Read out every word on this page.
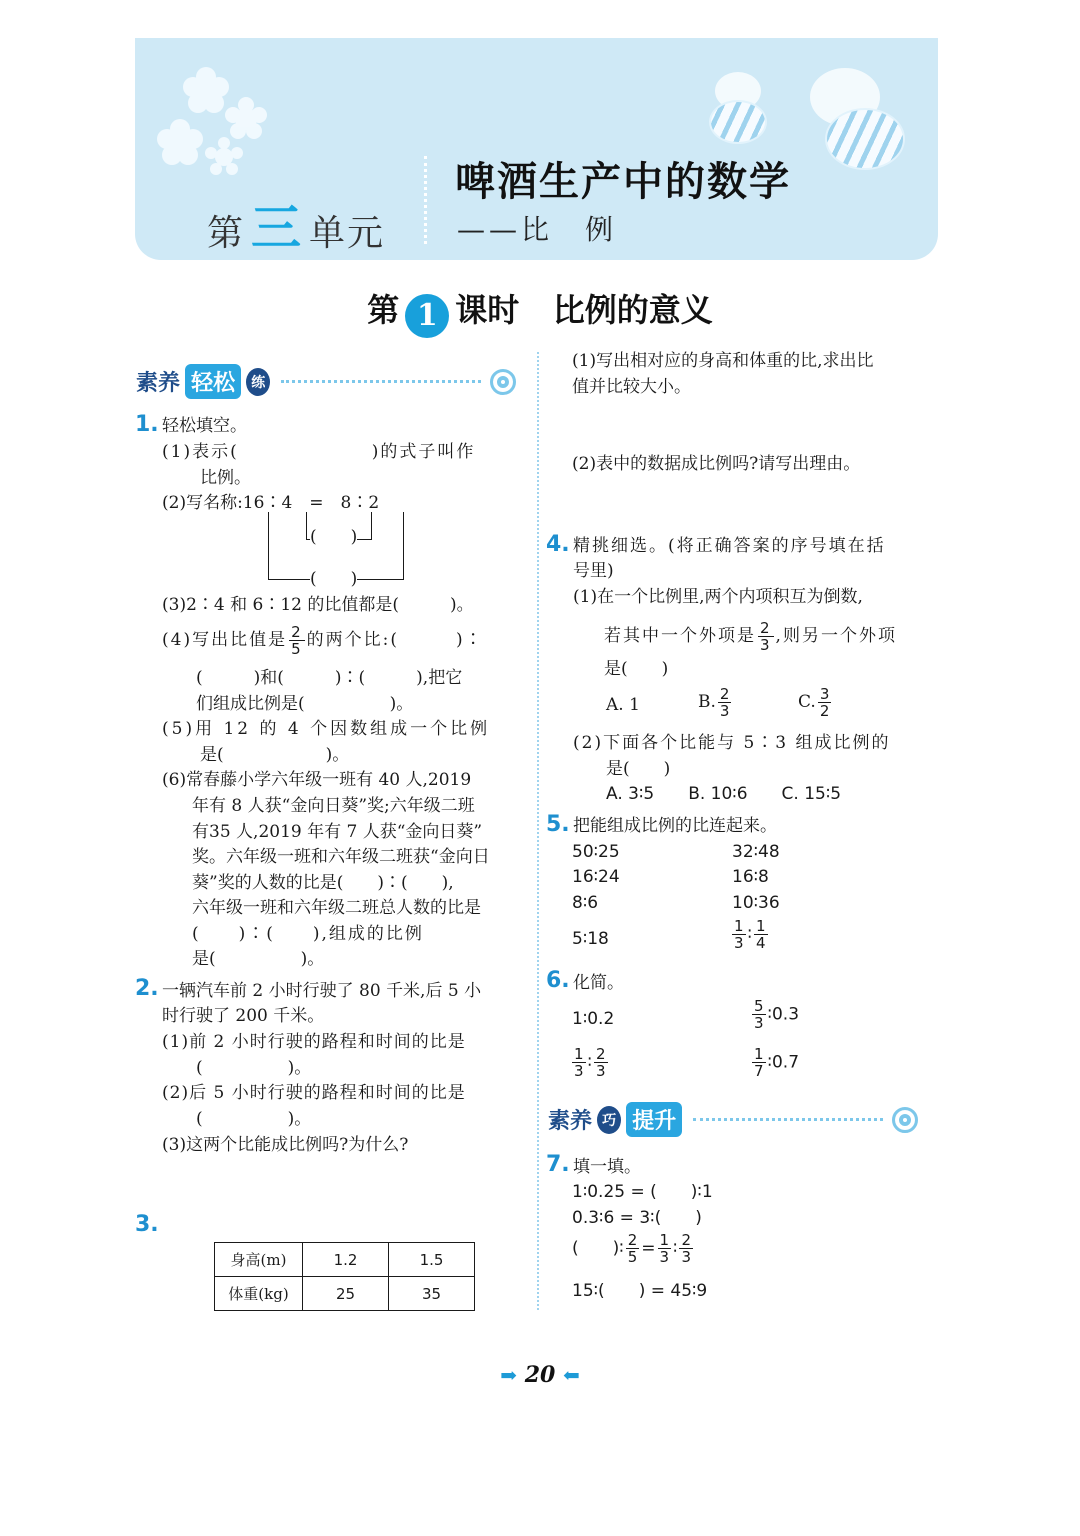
第 三 单元
啤酒生产中的数学
——比　例
第 1 课时 比例的意义
素养 轻松 练
1. 轻松填空。
(1)表示(　　　　　　　)的式子叫作
比例。
(2)写名称:16∶4　=　8∶2
(　　)
(　　)
(3)2∶4 和 6∶12 的比值都是(　　　)。
(4)写出比值是 $\frac{2}{5}$ 的两个比:(　　　)∶
(　　　)和(　　　)∶(　　　),把它
们组成比例是(　　　　　)。
(5)用 12 的 4 个因数组成一个比例
是(　　　　　　)。
(6)常春藤小学六年级一班有 40 人,2019
年有 8 人获“金向日葵”奖;六年级二班
有35 人,2019 年有 7 人获“金向日葵”
奖。六年级一班和六年级二班获“金向日
葵”奖的人数的比是(　　)∶(　　),
六年级一班和六年级二班总人数的比是
(　　)∶(　　),组成的比例
是(　　　　　)。
2. 一辆汽车前 2 小时行驶了 80 千米,后 5 小
时行驶了 200 千米。
(1)前 2 小时行驶的路程和时间的比是
(　　　　　)。
(2)后 5 小时行驶的路程和时间的比是
(　　　　　)。
(3)这两个比能成比例吗?为什么?
3.
身高(m)	1.2	1.5
体重(kg)	25	35
(1)写出相对应的身高和体重的比,求出比
值并比较大小。
(2)表中的数据成比例吗?请写出理由。
4. 精挑细选。(将正确答案的序号填在括
号里)
(1)在一个比例里,两个内项积互为倒数,
若其中一个外项是 $\frac{2}{3}$ ,则另一个外项
是(　　)
A. 1	B. $\frac{2}{3}$	C. $\frac{3}{2}$
(2)下面各个比能与 5∶3 组成比例的
是(　　)
A. 3∶5　　B. 10∶6　　C. 15∶5
5. 把能组成比例的比连起来。
50∶25
16∶24
8∶6
5∶18
32∶48
16∶8
10∶36
$\frac{1}{3}$ ∶ $\frac{1}{4}$
6. 化简。
1∶0.2	$\frac{5}{3}$ ∶0.3
$\frac{1}{3}$ ∶ $\frac{2}{3}$	$\frac{1}{7}$ ∶0.7
素养 巧 提升
7. 填一填。
1∶0.25 = (　　)∶1
0.3∶6 = 3∶(　　)
(　　)∶ $\frac{2}{5} = \frac{1}{3}$ ∶ $\frac{2}{3}$
15∶(　　) = 45∶9
➡ 20 ⬅
